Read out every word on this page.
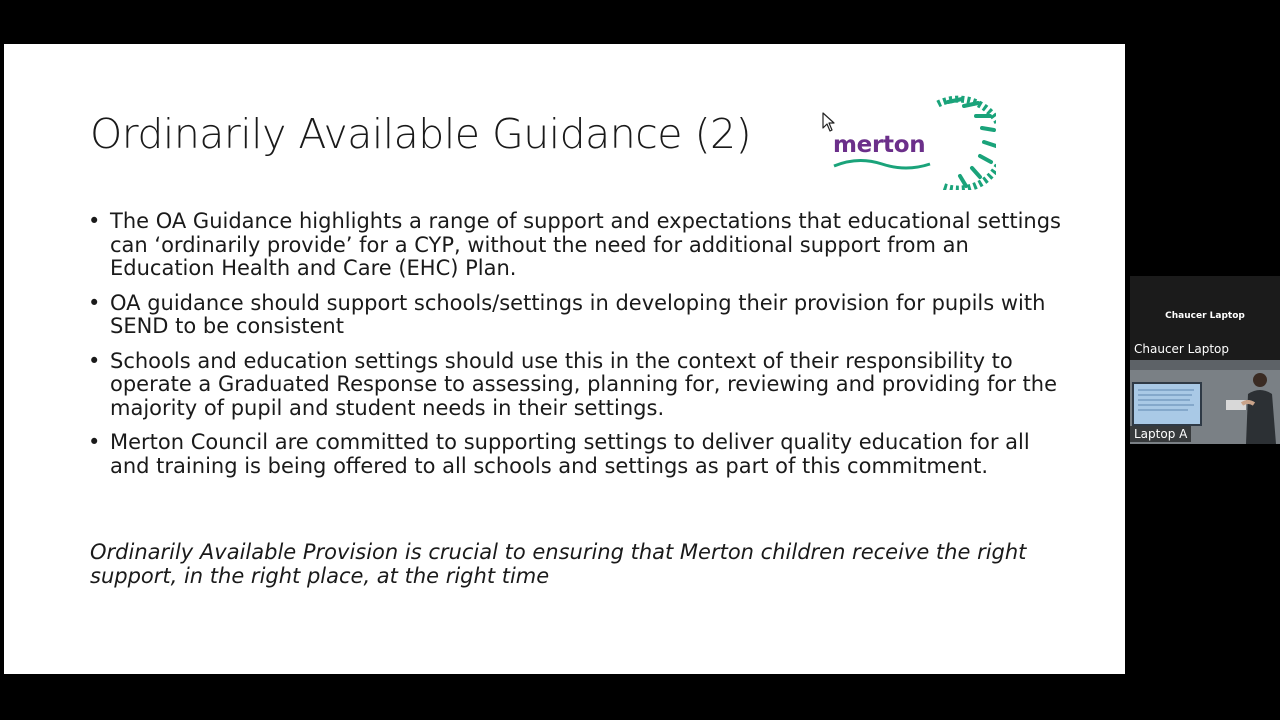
Ordinarily Available Guidance (2)	merton
• The OA Guidance highlights a range of support and expectations that educational settings can ‘ordinarily provide’ for a CYP, without the need for additional support from an Education Health and Care (EHC) Plan.
• OA guidance should support schools/settings in developing their provision for pupils with SEND to be consistent
• Schools and education settings should use this in the context of their responsibility to operate a Graduated Response to assessing, planning for, reviewing and providing for the majority of pupil and student needs in their settings.
• Merton Council are committed to supporting settings to deliver quality education for all and training is being offered to all schools and settings as part of this commitment.

Ordinarily Available Provision is crucial to ensuring that Merton children receive the right support, in the right place, at the right time

Chaucer Laptop
Chaucer Laptop
Laptop A
